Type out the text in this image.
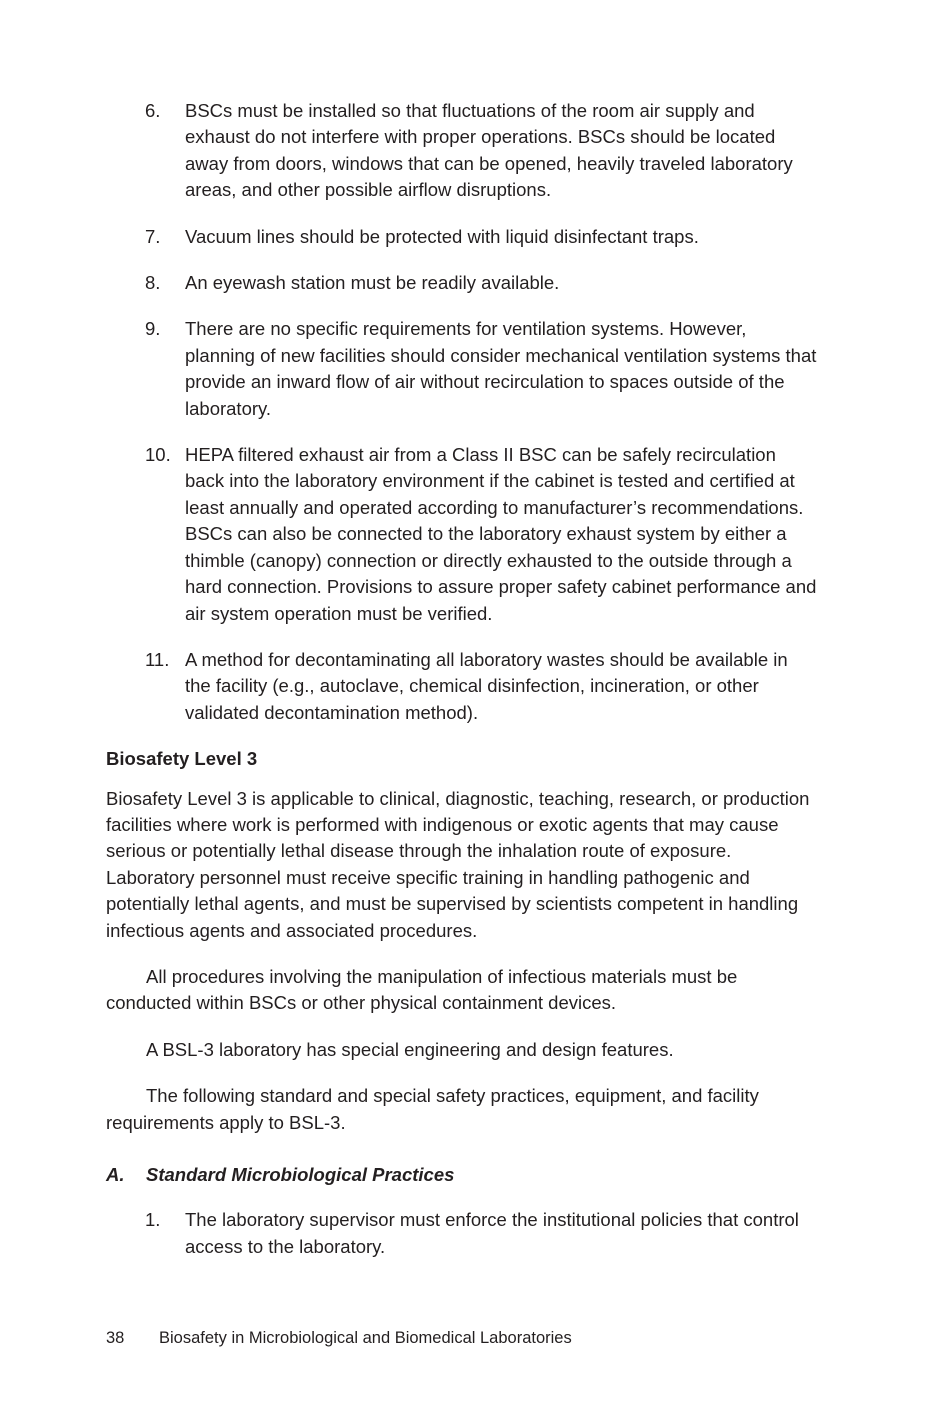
6.	BSCs must be installed so that fluctuations of the room air supply and exhaust do not interfere with proper operations. BSCs should be located away from doors, windows that can be opened, heavily traveled laboratory areas, and other possible airflow disruptions.
7.	Vacuum lines should be protected with liquid disinfectant traps.
8.	An eyewash station must be readily available.
9.	There are no specific requirements for ventilation systems. However, planning of new facilities should consider mechanical ventilation systems that provide an inward flow of air without recirculation to spaces outside of the laboratory.
10. HEPA filtered exhaust air from a Class II BSC can be safely recirculation back into the laboratory environment if the cabinet is tested and certified at least annually and operated according to manufacturer’s recommendations. BSCs can also be connected to the laboratory exhaust system by either a thimble (canopy) connection or directly exhausted to the outside through a hard connection. Provisions to assure proper safety cabinet performance and air system operation must be verified.
11. A method for decontaminating all laboratory wastes should be available in the facility (e.g., autoclave, chemical disinfection, incineration, or other validated decontamination method).
Biosafety Level 3

Biosafety Level 3 is applicable to clinical, diagnostic, teaching, research, or production facilities where work is performed with indigenous or exotic agents that may cause serious or potentially lethal disease through the inhalation route of exposure. Laboratory personnel must receive specific training in handling pathogenic and potentially lethal agents, and must be supervised by scientists competent in handling infectious agents and associated procedures.

All procedures involving the manipulation of infectious materials must be conducted within BSCs or other physical containment devices.

A BSL-3 laboratory has special engineering and design features.

The following standard and special safety practices, equipment, and facility requirements apply to BSL-3.

A.	Standard Microbiological Practices
1.	The laboratory supervisor must enforce the institutional policies that control access to the laboratory.
38	Biosafety in Microbiological and Biomedical Laboratories
